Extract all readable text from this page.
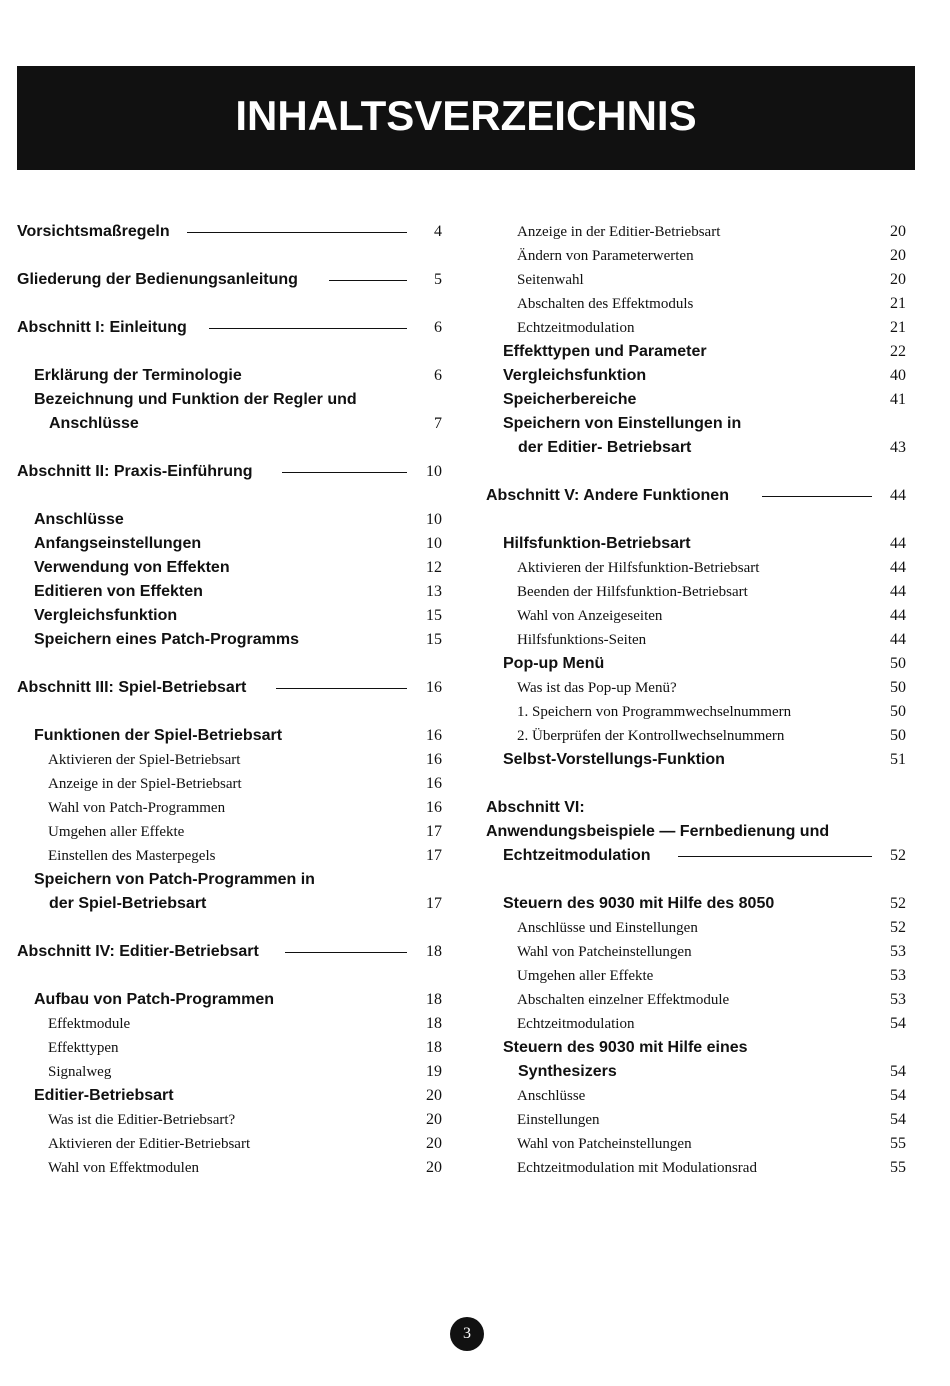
INHALTSVERZEICHNIS
Vorsichtsmaßregeln	4
Gliederung der Bedienungsanleitung	5
Abschnitt I: Einleitung	6
Erklärung der Terminologie	6
Bezeichnung und Funktion der Regler und
Anschlüsse	7
Abschnitt II: Praxis-Einführung	10
Anschlüsse	10
Anfangseinstellungen	10
Verwendung von Effekten	12
Editieren von Effekten	13
Vergleichsfunktion	15
Speichern eines Patch-Programms	15
Abschnitt III: Spiel-Betriebsart	16
Funktionen der Spiel-Betriebsart	16
Aktivieren der Spiel-Betriebsart	16
Anzeige in der Spiel-Betriebsart	16
Wahl von Patch-Programmen	16
Umgehen aller Effekte	17
Einstellen des Masterpegels	17
Speichern von Patch-Programmen in
der Spiel-Betriebsart	17
Abschnitt IV: Editier-Betriebsart	18
Aufbau von Patch-Programmen	18
Effektmodule	18
Effekttypen	18
Signalweg	19
Editier-Betriebsart	20
Was ist die Editier-Betriebsart?	20
Aktivieren der Editier-Betriebsart	20
Wahl von Effektmodulen	20
Anzeige in der Editier-Betriebsart	20
Ändern von Parameterwerten	20
Seitenwahl	20
Abschalten des Effektmoduls	21
Echtzeitmodulation	21
Effekttypen und Parameter	22
Vergleichsfunktion	40
Speicherbereiche	41
Speichern von Einstellungen in
der Editier- Betriebsart	43
Abschnitt V: Andere Funktionen	44
Hilfsfunktion-Betriebsart	44
Aktivieren der Hilfsfunktion-Betriebsart	44
Beenden der Hilfsfunktion-Betriebsart	44
Wahl von Anzeigeseiten	44
Hilfsfunktions-Seiten	44
Pop-up Menü	50
Was ist das Pop-up Menü?	50
1. Speichern von Programmwechselnummern	50
2. Überprüfen der Kontrollwechselnummern	50
Selbst-Vorstellungs-Funktion	51
Abschnitt VI:
Anwendungsbeispiele — Fernbedienung und
Echtzeitmodulation	52
Steuern des 9030 mit Hilfe des 8050	52
Anschlüsse und Einstellungen	52
Wahl von Patcheinstellungen	53
Umgehen aller Effekte	53
Abschalten einzelner Effektmodule	53
Echtzeitmodulation	54
Steuern des 9030 mit Hilfe eines
Synthesizers	54
Anschlüsse	54
Einstellungen	54
Wahl von Patcheinstellungen	55
Echtzeitmodulation mit Modulationsrad	55
3
